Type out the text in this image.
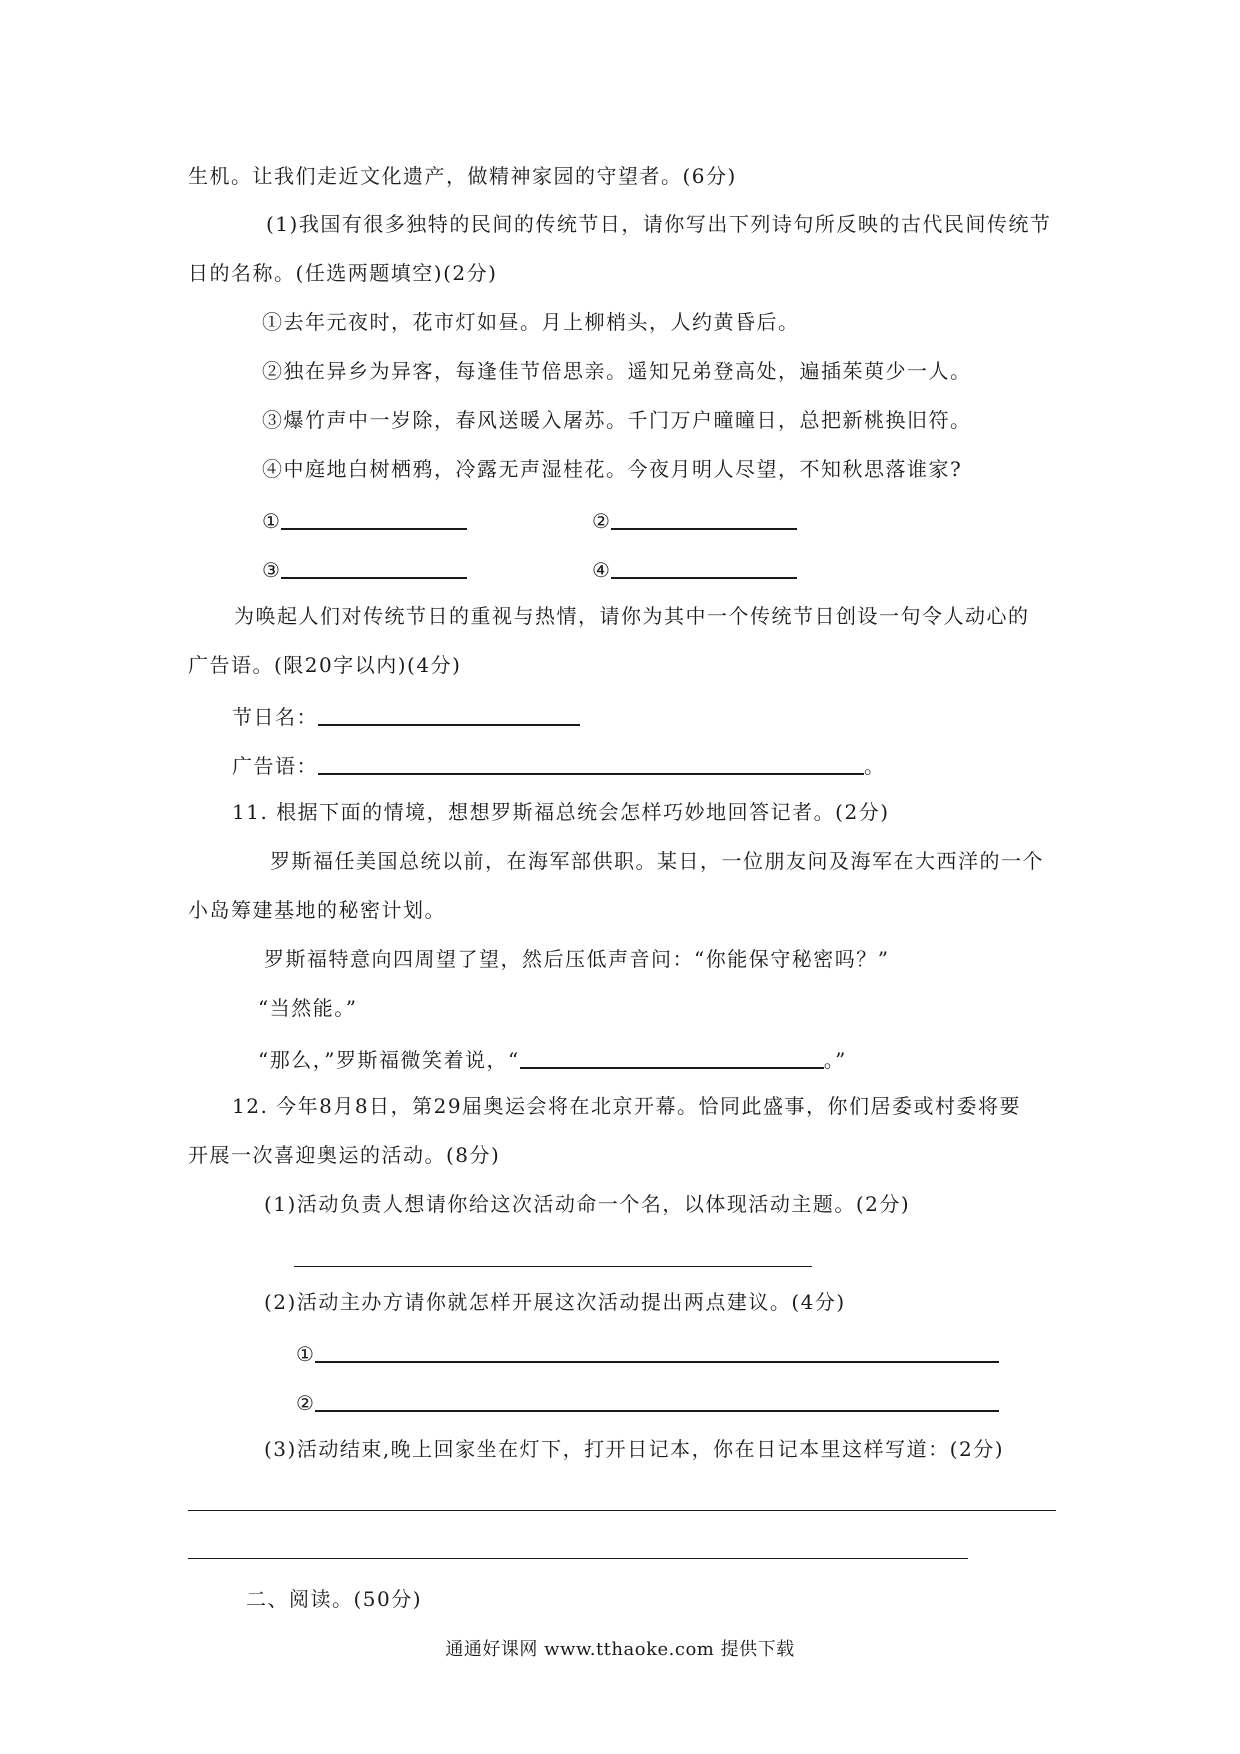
生机。让我们走近文化遗产，做精神家园的守望者。(6分)
(1)我国有很多独特的民间的传统节日，请你写出下列诗句所反映的古代民间传统节
日的名称。(任选两题填空)(2分)
①去年元夜时，花市灯如昼。月上柳梢头，人约黄昏后。
②独在异乡为异客，每逢佳节倍思亲。遥知兄弟登高处，遍插茱萸少一人。
③爆竹声中一岁除，春风送暖入屠苏。千门万户曈曈日，总把新桃换旧符。
④中庭地白树栖鸦，冷露无声湿桂花。今夜月明人尽望，不知秋思落谁家?
①	②
③	④
为唤起人们对传统节日的重视与热情，请你为其中一个传统节日创设一句令人动心的
广告语。(限20字以内)(4分)
节日名：
广告语：	。
11. 根据下面的情境，想想罗斯福总统会怎样巧妙地回答记者。(2分)
罗斯福任美国总统以前，在海军部供职。某日，一位朋友问及海军在大西洋的一个
小岛筹建基地的秘密计划。
罗斯福特意向四周望了望，然后压低声音问：“你能保守秘密吗？”
“当然能。”
“那么，”罗斯福微笑着说，“	。”
12. 今年8月8日，第29届奥运会将在北京开幕。恰同此盛事，你们居委或村委将要
开展一次喜迎奥运的活动。(8分)
(1)活动负责人想请你给这次活动命一个名，以体现活动主题。(2分)
(2)活动主办方请你就怎样开展这次活动提出两点建议。(4分)
①
②
(3)活动结束,晚上回家坐在灯下，打开日记本，你在日记本里这样写道：(2分)
二、阅读。(50分)
通通好课网 www.tthaoke.com 提供下载
